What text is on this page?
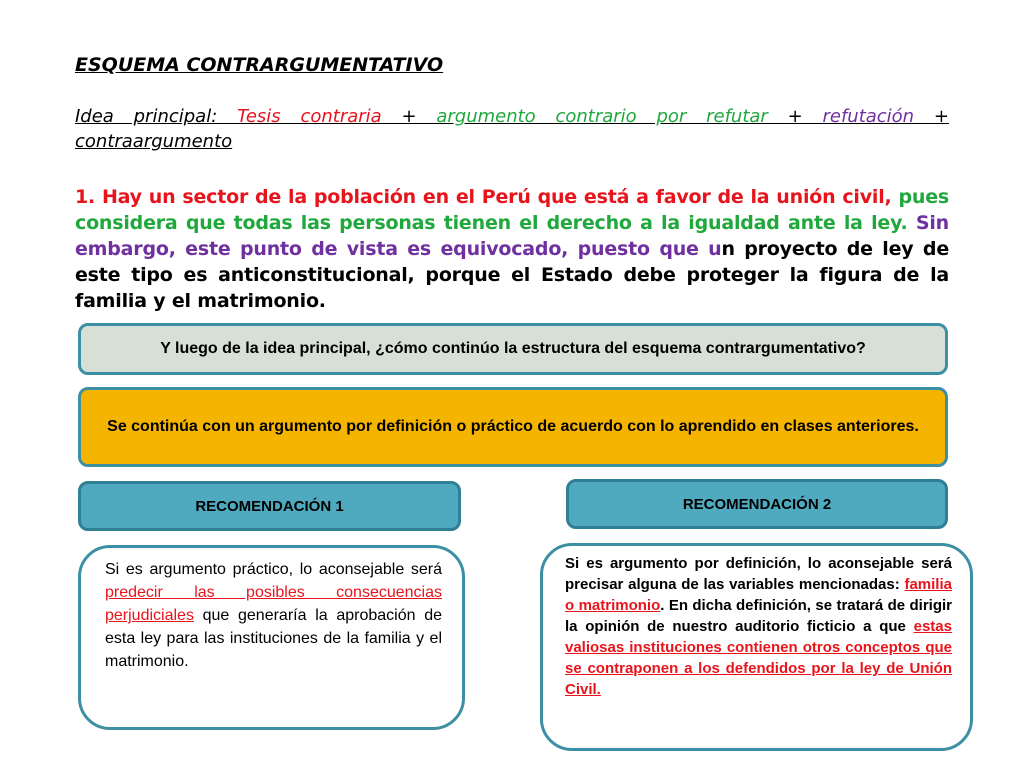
ESQUEMA CONTRARGUMENTATIVO

Idea principal: Tesis contraria + argumento contrario por refutar + refutación + contraargumento

1. Hay un sector de la población en el Perú que está a favor de la unión civil, pues considera que todas las personas tienen el derecho a la igualdad ante la ley. Sin embargo, este punto de vista es equivocado, puesto que un proyecto de ley de este tipo es anticonstitucional, porque el Estado debe proteger la figura de la familia y el matrimonio.

Y luego de la idea principal, ¿cómo continúo la estructura del esquema contrargumentativo?
Se continúa con un argumento por definición o práctico de acuerdo con lo aprendido en clases anteriores.
RECOMENDACIÓN 1	RECOMENDACIÓN 2
Si es argumento práctico, lo aconsejable será predecir las posibles consecuencias perjudiciales que generaría la aprobación de esta ley para las instituciones de la familia y el matrimonio.
Si es argumento por definición, lo aconsejable será precisar alguna de las variables mencionadas: familia o matrimonio. En dicha definición, se tratará de dirigir la opinión de nuestro auditorio ficticio a que estas valiosas instituciones contienen otros conceptos que se contraponen a los defendidos por la ley de Unión Civil.
